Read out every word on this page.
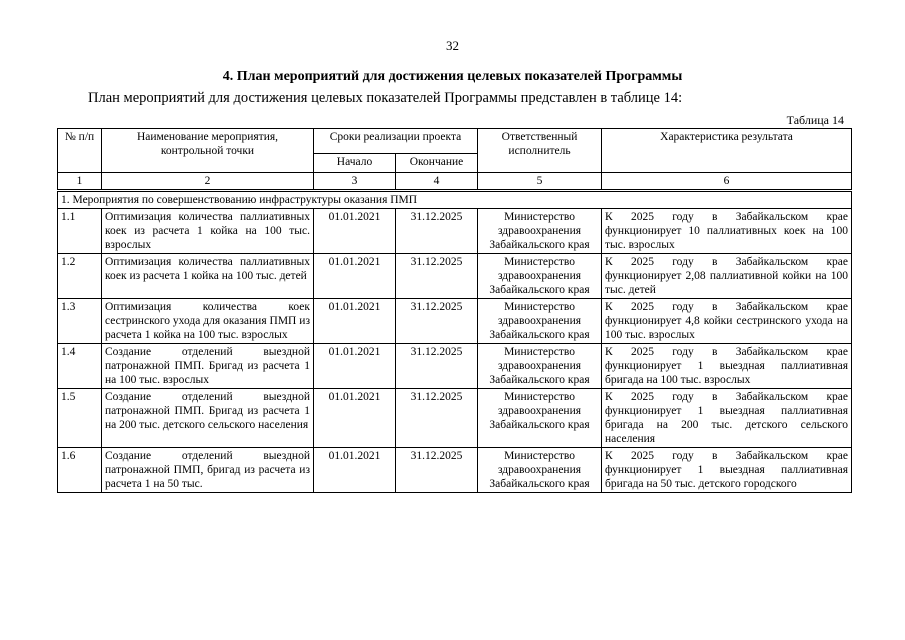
32
4. План мероприятий для достижения целевых показателей Программы
План мероприятий для достижения целевых показателей Программы представлен в таблице 14:
Таблица 14
№ п/п	Наименование мероприятия, контрольной точки	Сроки реализации проекта		Ответственный исполнитель	Характеристика результата
		Начало	Окончание		
1	2	3	4	5	6
1. Мероприятия по совершенствованию инфраструктуры оказания ПМП					
1.1	Оптимизация количества паллиативных коек из расчета 1 койка на 100 тыс. взрослых	01.01.2021	31.12.2025	Министерство здравоохранения Забайкальского края	К 2025 году в Забайкальском крае функционирует 10 паллиативных коек на 100 тыс. взрослых
1.2	Оптимизация количества паллиативных коек из расчета 1 койка на 100 тыс. детей	01.01.2021	31.12.2025	Министерство здравоохранения Забайкальского края	К 2025 году в Забайкальском крае функционирует 2,08 паллиативной койки на 100 тыс. детей
1.3	Оптимизация количества коек сестринского ухода для оказания ПМП из расчета 1 койка на 100 тыс. взрослых	01.01.2021	31.12.2025	Министерство здравоохранения Забайкальского края	К 2025 году в Забайкальском крае функционирует 4,8 койки сестринского ухода на 100 тыс. взрослых
1.4	Создание отделений выездной патронажной ПМП. Бригад из расчета 1 на 100 тыс. взрослых	01.01.2021	31.12.2025	Министерство здравоохранения Забайкальского края	К 2025 году в Забайкальском крае функционирует 1 выездная паллиативная бригада на 100 тыс. взрослых
1.5	Создание отделений выездной патронажной ПМП. Бригад из расчета 1 на 200 тыс. детского сельского населения	01.01.2021	31.12.2025	Министерство здравоохранения Забайкальского края	К 2025 году в Забайкальском крае функционирует 1 выездная паллиативная бригада на 200 тыс. детского сельского населения
1.6	Создание отделений выездной патронажной ПМП, бригад из расчета из расчета 1 на 50 тыс.	01.01.2021	31.12.2025	Министерство здравоохранения Забайкальского края	К 2025 году в Забайкальском крае функционирует 1 выездная паллиативная бригада на 50 тыс. детского городского
